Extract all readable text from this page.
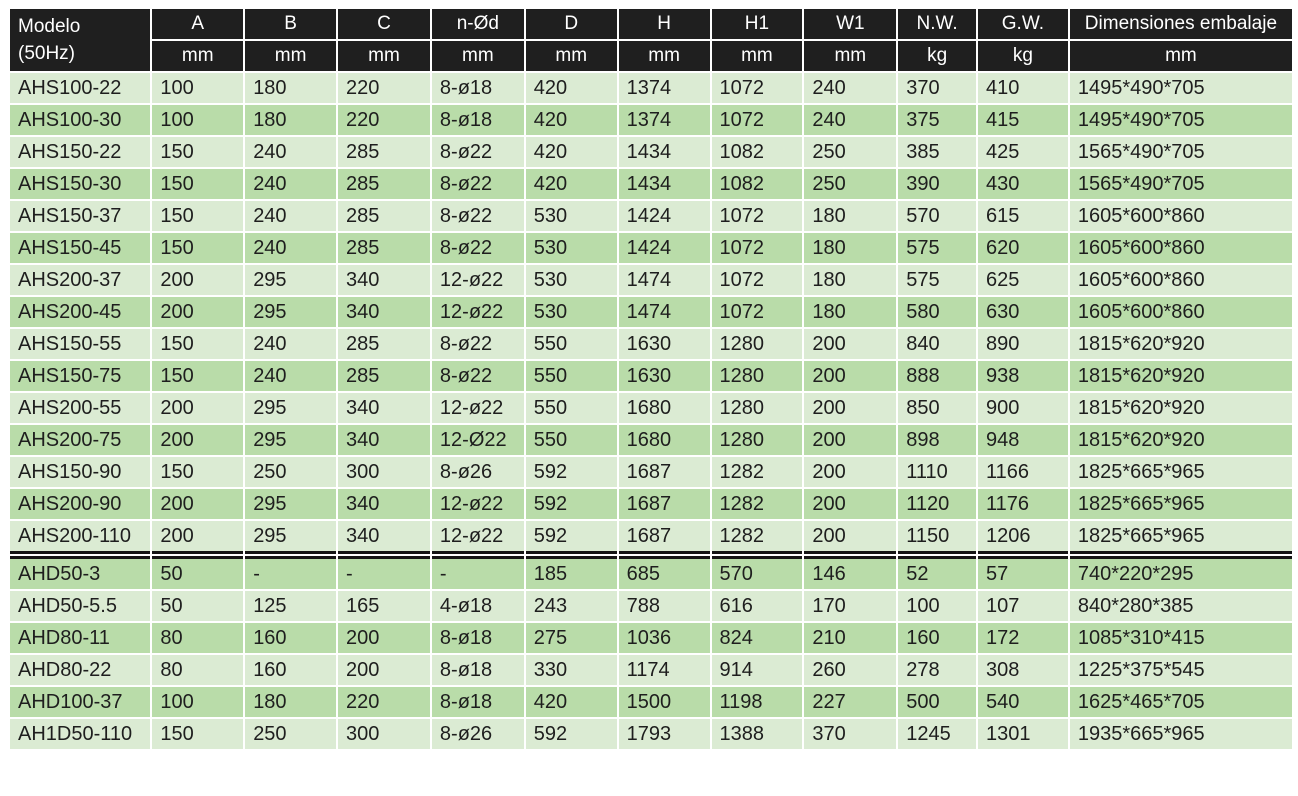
Modelo
(50Hz)	A	B	C	n-Ød	D	H	H1	W1	N.W.	G.W.	Dimensiones embalaje
	mm	mm	mm	mm	mm	mm	mm	mm	kg	kg	mm
AHS100-22	100	180	220	8-ø18	420	1374	1072	240	370	410	1495*490*705
AHS100-30	100	180	220	8-ø18	420	1374	1072	240	375	415	1495*490*705
AHS150-22	150	240	285	8-ø22	420	1434	1082	250	385	425	1565*490*705
AHS150-30	150	240	285	8-ø22	420	1434	1082	250	390	430	1565*490*705
AHS150-37	150	240	285	8-ø22	530	1424	1072	180	570	615	1605*600*860
AHS150-45	150	240	285	8-ø22	530	1424	1072	180	575	620	1605*600*860
AHS200-37	200	295	340	12-ø22	530	1474	1072	180	575	625	1605*600*860
AHS200-45	200	295	340	12-ø22	530	1474	1072	180	580	630	1605*600*860
AHS150-55	150	240	285	8-ø22	550	1630	1280	200	840	890	1815*620*920
AHS150-75	150	240	285	8-ø22	550	1630	1280	200	888	938	1815*620*920
AHS200-55	200	295	340	12-ø22	550	1680	1280	200	850	900	1815*620*920
AHS200-75	200	295	340	12-Ø22	550	1680	1280	200	898	948	1815*620*920
AHS150-90	150	250	300	8-ø26	592	1687	1282	200	1110	1166	1825*665*965
AHS200-90	200	295	340	12-ø22	592	1687	1282	200	1120	1176	1825*665*965
AHS200-110	200	295	340	12-ø22	592	1687	1282	200	1150	1206	1825*665*965
AHD50-3	50	-	-	-	185	685	570	146	52	57	740*220*295
AHD50-5.5	50	125	165	4-ø18	243	788	616	170	100	107	840*280*385
AHD80-11	80	160	200	8-ø18	275	1036	824	210	160	172	1085*310*415
AHD80-22	80	160	200	8-ø18	330	1174	914	260	278	308	1225*375*545
AHD100-37	100	180	220	8-ø18	420	1500	1198	227	500	540	1625*465*705
AH1D50-110	150	250	300	8-ø26	592	1793	1388	370	1245	1301	1935*665*965
